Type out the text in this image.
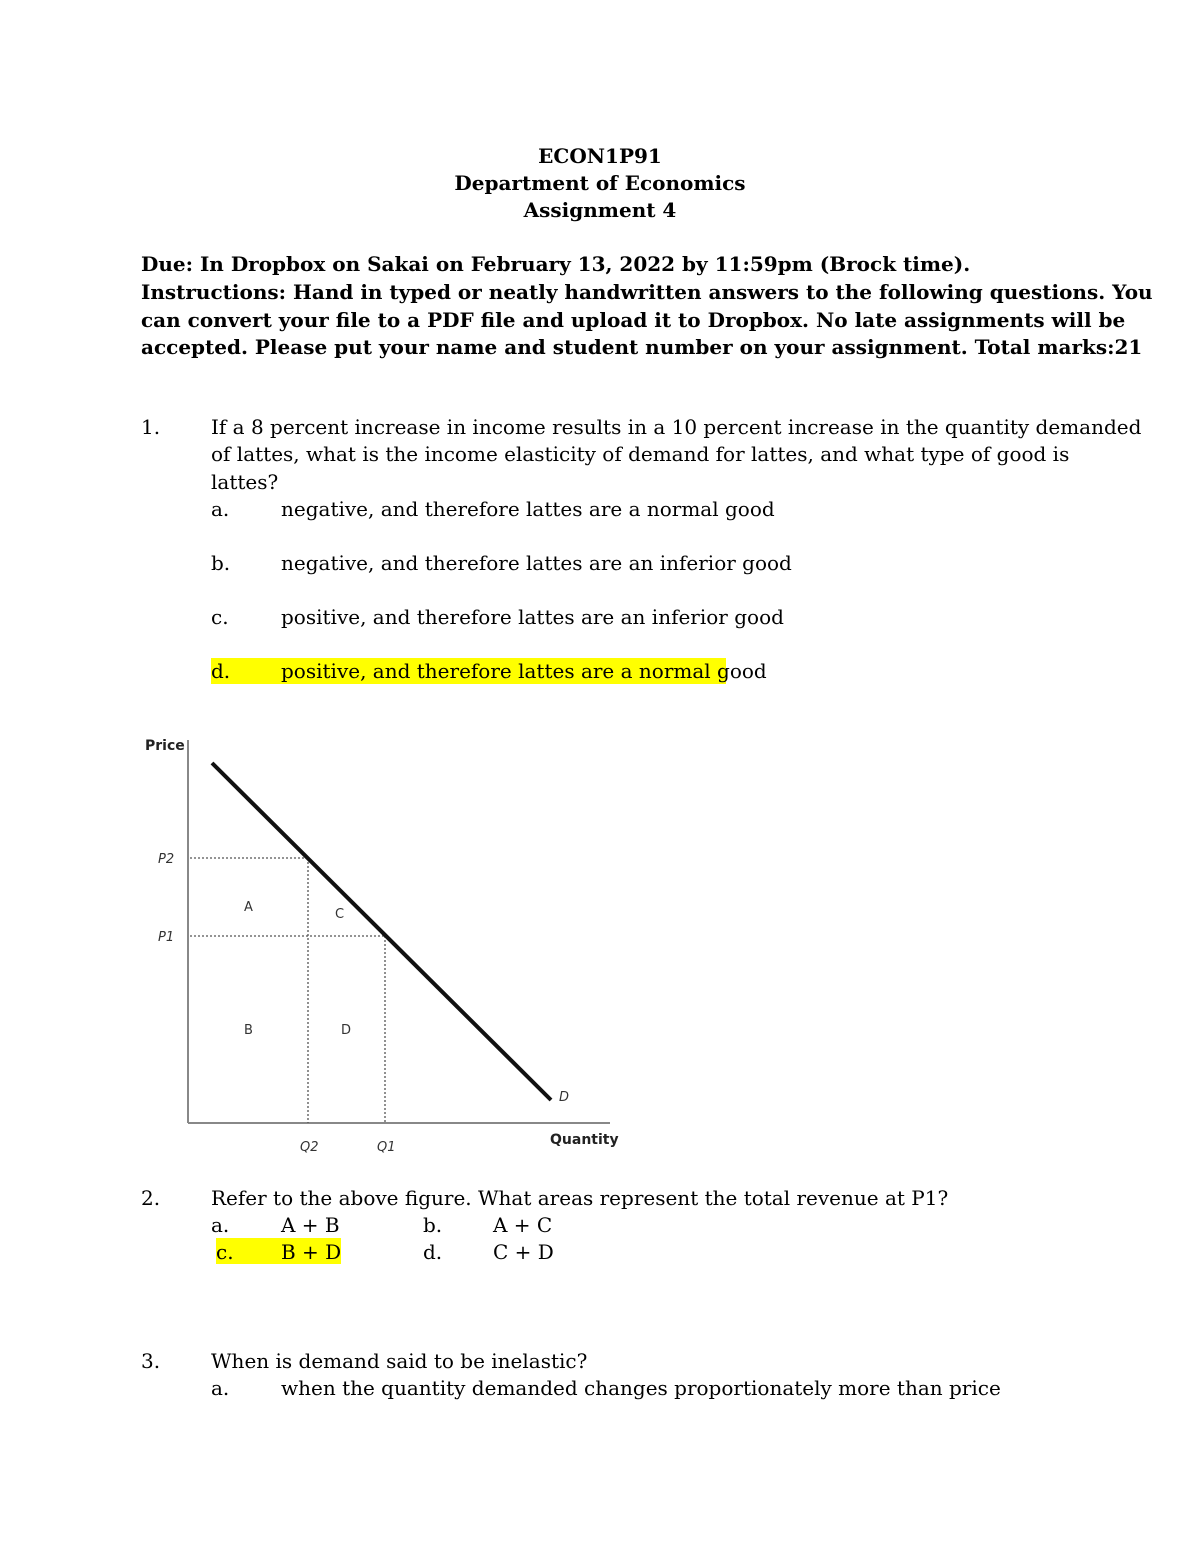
ECON1P91
Department of Economics
Assignment 4
Due: In Dropbox on Sakai on February 13, 2022 by 11:59pm (Brock time).
Instructions: Hand in typed or neatly handwritten answers to the following questions. You
can convert your file to a PDF file and upload it to Dropbox. No late assignments will be
accepted. Please put your name and student number on your assignment. Total marks:21
1.	If a 8 percent increase in income results in a 10 percent increase in the quantity demanded
of lattes, what is the income elasticity of demand for lattes, and what type of good is
lattes?
a.	negative, and therefore lattes are a normal good
b.	negative, and therefore lattes are an inferior good
c.	positive, and therefore lattes are an inferior good
d.	positive, and therefore lattes are a normal good
Price
P2
P1
A	C
B	D
D
Q2	Q1	Quantity
2.	Refer to the above figure. What areas represent the total revenue at P1?
a.	A + B	b.	A + C
c. B + D	d.	C + D
3.	When is demand said to be inelastic?
a.	when the quantity demanded changes proportionately more than price
